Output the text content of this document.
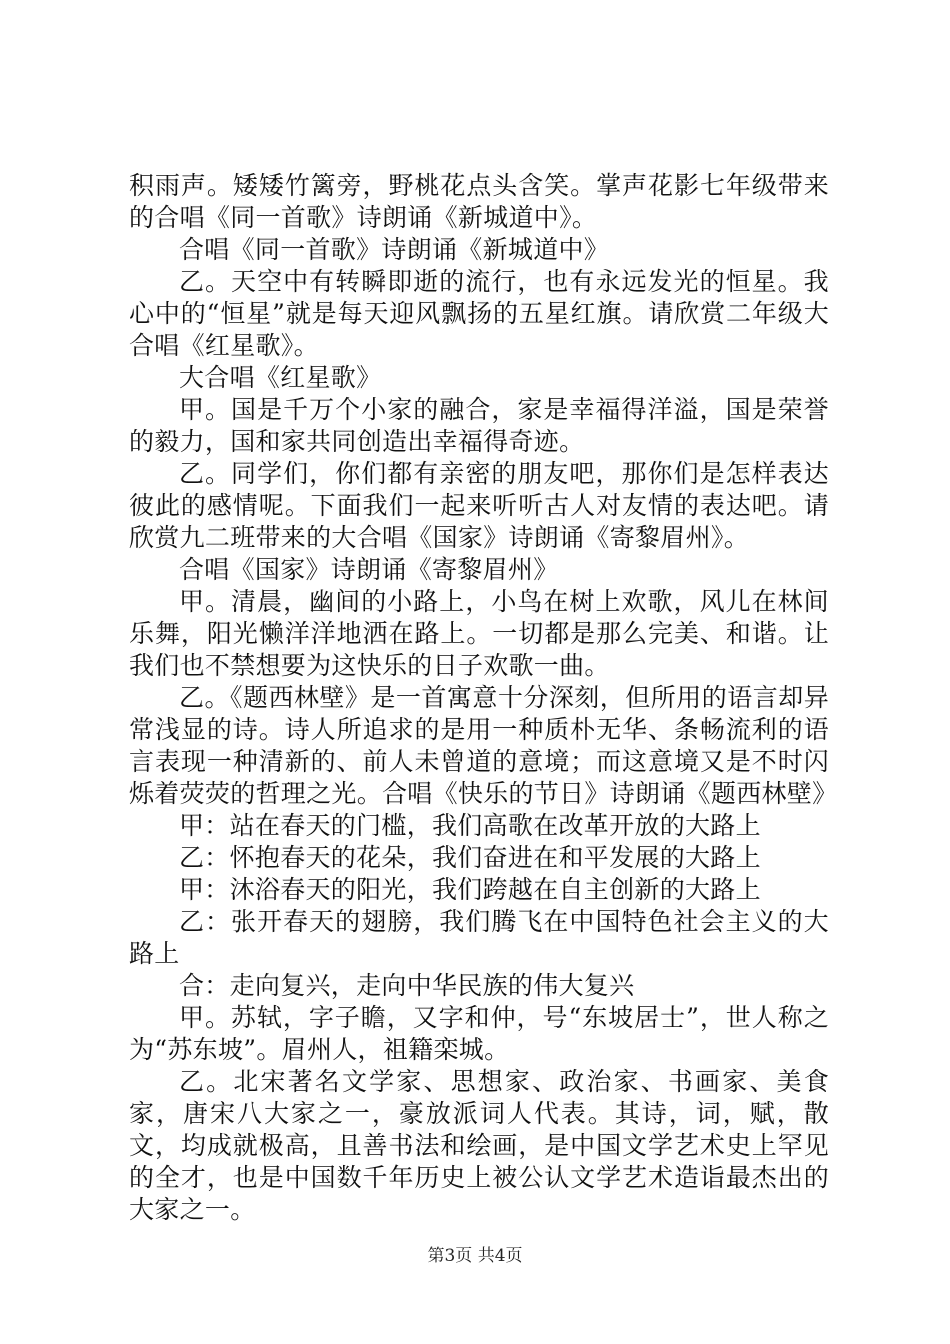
积雨声。矮矮竹篱旁，野桃花点头含笑。掌声花影七年级带来的合唱《同一首歌》诗朗诵《新城道中》。

合唱《同一首歌》诗朗诵《新城道中》

乙。天空中有转瞬即逝的流行，也有永远发光的恒星。我心中的“恒星”就是每天迎风飘扬的五星红旗。请欣赏二年级大合唱《红星歌》。

大合唱《红星歌》

甲。国是千万个小家的融合，家是幸福得洋溢，国是荣誉的毅力，国和家共同创造出幸福得奇迹。

乙。同学们，你们都有亲密的朋友吧，那你们是怎样表达彼此的感情呢。下面我们一起来听听古人对友情的表达吧。请欣赏九二班带来的大合唱《国家》诗朗诵《寄黎眉州》。

合唱《国家》诗朗诵《寄黎眉州》

甲。清晨，幽间的小路上，小鸟在树上欢歌，风儿在林间乐舞，阳光懒洋洋地洒在路上。一切都是那么完美、和谐。让我们也不禁想要为这快乐的日子欢歌一曲。

乙。《题西林壁》是一首寓意十分深刻，但所用的语言却异常浅显的诗。诗人所追求的是用一种质朴无华、条畅流利的语言表现一种清新的、前人未曾道的意境；而这意境又是不时闪烁着荧荧的哲理之光。合唱《快乐的节日》诗朗诵《题西林壁》

甲：站在春天的门槛，我们高歌在改革开放的大路上

乙：怀抱春天的花朵，我们奋进在和平发展的大路上

甲：沐浴春天的阳光，我们跨越在自主创新的大路上

乙：张开春天的翅膀，我们腾飞在中国特色社会主义的大路上

合：走向复兴，走向中华民族的伟大复兴

甲。苏轼，字子瞻，又字和仲，号“东坡居士”，世人称之为“苏东坡”。眉州人，祖籍栾城。

乙。北宋著名文学家、思想家、政治家、书画家、美食家，唐宋八大家之一，豪放派词人代表。其诗，词，赋，散文，均成就极高，且善书法和绘画，是中国文学艺术史上罕见的全才，也是中国数千年历史上被公认文学艺术造诣最杰出的大家之一。

第3页 共4页
